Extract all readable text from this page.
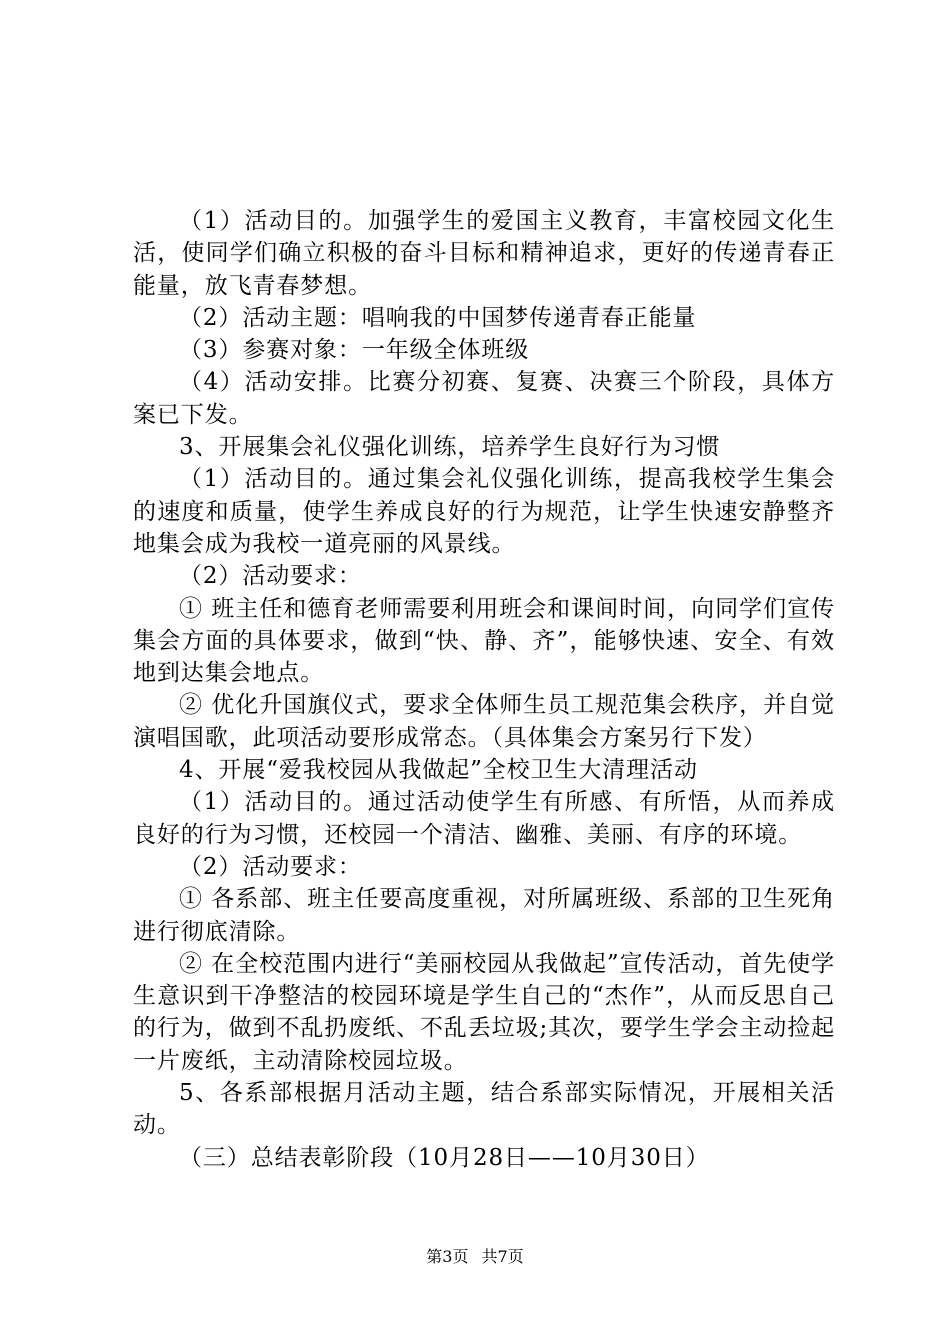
（1）活动目的。加强学生的爱国主义教育，丰富校园文化生活，使同学们确立积极的奋斗目标和精神追求，更好的传递青春正能量，放飞青春梦想。

（2）活动主题：唱响我的中国梦传递青春正能量

（3）参赛对象：一年级全体班级

（4）活动安排。比赛分初赛、复赛、决赛三个阶段，具体方案已下发。

3、开展集会礼仪强化训练，培养学生良好行为习惯

（1）活动目的。通过集会礼仪强化训练，提高我校学生集会的速度和质量，使学生养成良好的行为规范，让学生快速安静整齐地集会成为我校一道亮丽的风景线。

（2）活动要求：

① 班主任和德育老师需要利用班会和课间时间，向同学们宣传集会方面的具体要求，做到“快、静、齐”，能够快速、安全、有效地到达集会地点。

② 优化升国旗仪式，要求全体师生员工规范集会秩序，并自觉演唱国歌，此项活动要形成常态。（具体集会方案另行下发）

4、开展“爱我校园从我做起”全校卫生大清理活动

（1）活动目的。通过活动使学生有所感、有所悟，从而养成良好的行为习惯，还校园一个清洁、幽雅、美丽、有序的环境。

（2）活动要求：

① 各系部、班主任要高度重视，对所属班级、系部的卫生死角进行彻底清除。

② 在全校范围内进行“美丽校园从我做起”宣传活动，首先使学生意识到干净整洁的校园环境是学生自己的“杰作”，从而反思自己的行为，做到不乱扔废纸、不乱丢垃圾;其次，要学生学会主动捡起一片废纸，主动清除校园垃圾。

5、各系部根据月活动主题，结合系部实际情况，开展相关活动。

（三）总结表彰阶段（10月28日——10月30日）

第3页 共7页
